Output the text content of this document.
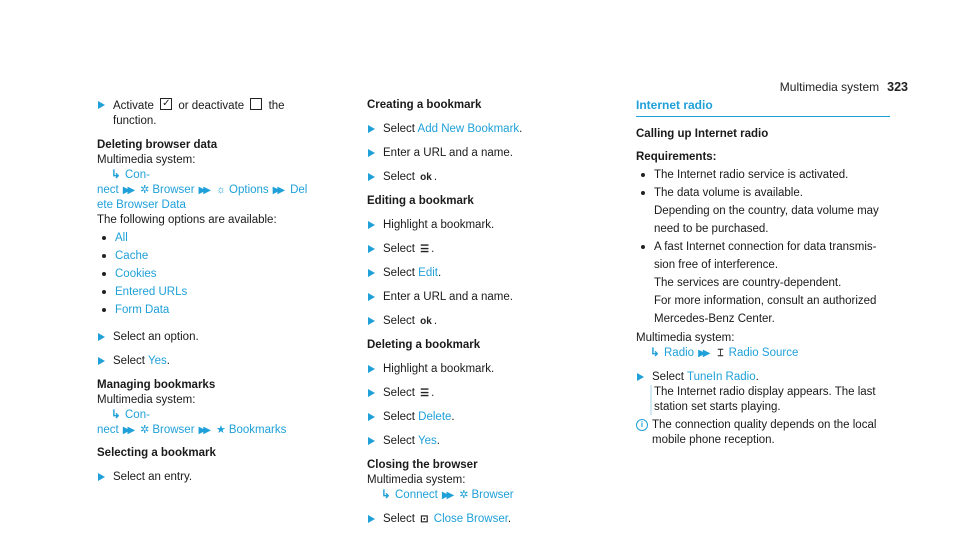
Multimedia system 323
Activate ✓ or deactivate the function.
Deleting browser data
Multimedia system:
↳ Con-
nect ▶▶ ✲ Browser ▶▶ ☼ Options ▶▶ Del
ete Browser Data
The following options are available:
All
Cache
Cookies
Entered URLs
Form Data
Select an option.
Select Yes.
Managing bookmarks
Multimedia system:
↳ Con-
nect ▶▶ ✲ Browser ▶▶ ★ Bookmarks
Selecting a bookmark
Select an entry.
Creating a bookmark
Select Add New Bookmark.
Enter a URL and a name.
Select ok .
Editing a bookmark
Highlight a bookmark.
Select ☰ .
Select Edit.
Enter a URL and a name.
Select ok .
Deleting a bookmark
Highlight a bookmark.
Select ☰ .
Select Delete.
Select Yes.
Closing the browser
Multimedia system:
↳ Connect ▶▶ ✲ Browser
Select ⊡ Close Browser.
Internet radio
Calling up Internet radio
Requirements:
The Internet radio service is activated.
The data volume is available.
Depending on the country, data volume may
need to be purchased.
A fast Internet connection for data transmis-
sion free of interference.
The services are country-dependent.
For more information, consult an authorized
Mercedes-Benz Center.
Multimedia system:
↳ Radio ▶▶ ⌶ Radio Source
Select TuneIn Radio.
The Internet radio display appears. The last
station set starts playing.
i The connection quality depends on the local
mobile phone reception.
